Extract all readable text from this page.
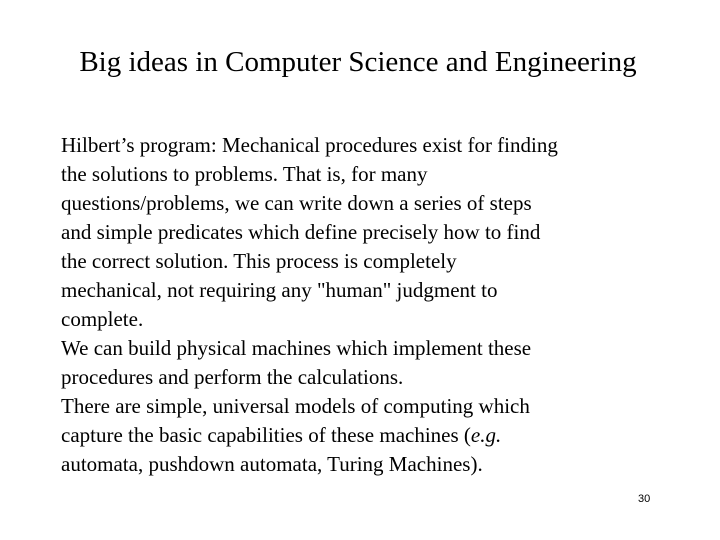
Big ideas in Computer Science and Engineering

Hilbert’s program: Mechanical procedures exist for finding
the solutions to problems. That is, for many
questions/problems, we can write down a series of steps
and simple predicates which define precisely how to find
the correct solution. This process is completely
mechanical, not requiring any "human" judgment to
complete.

We can build physical machines which implement these
procedures and perform the calculations.

There are simple, universal models of computing which
capture the basic capabilities of these machines (e.g.
automata, pushdown automata, Turing Machines).

30
